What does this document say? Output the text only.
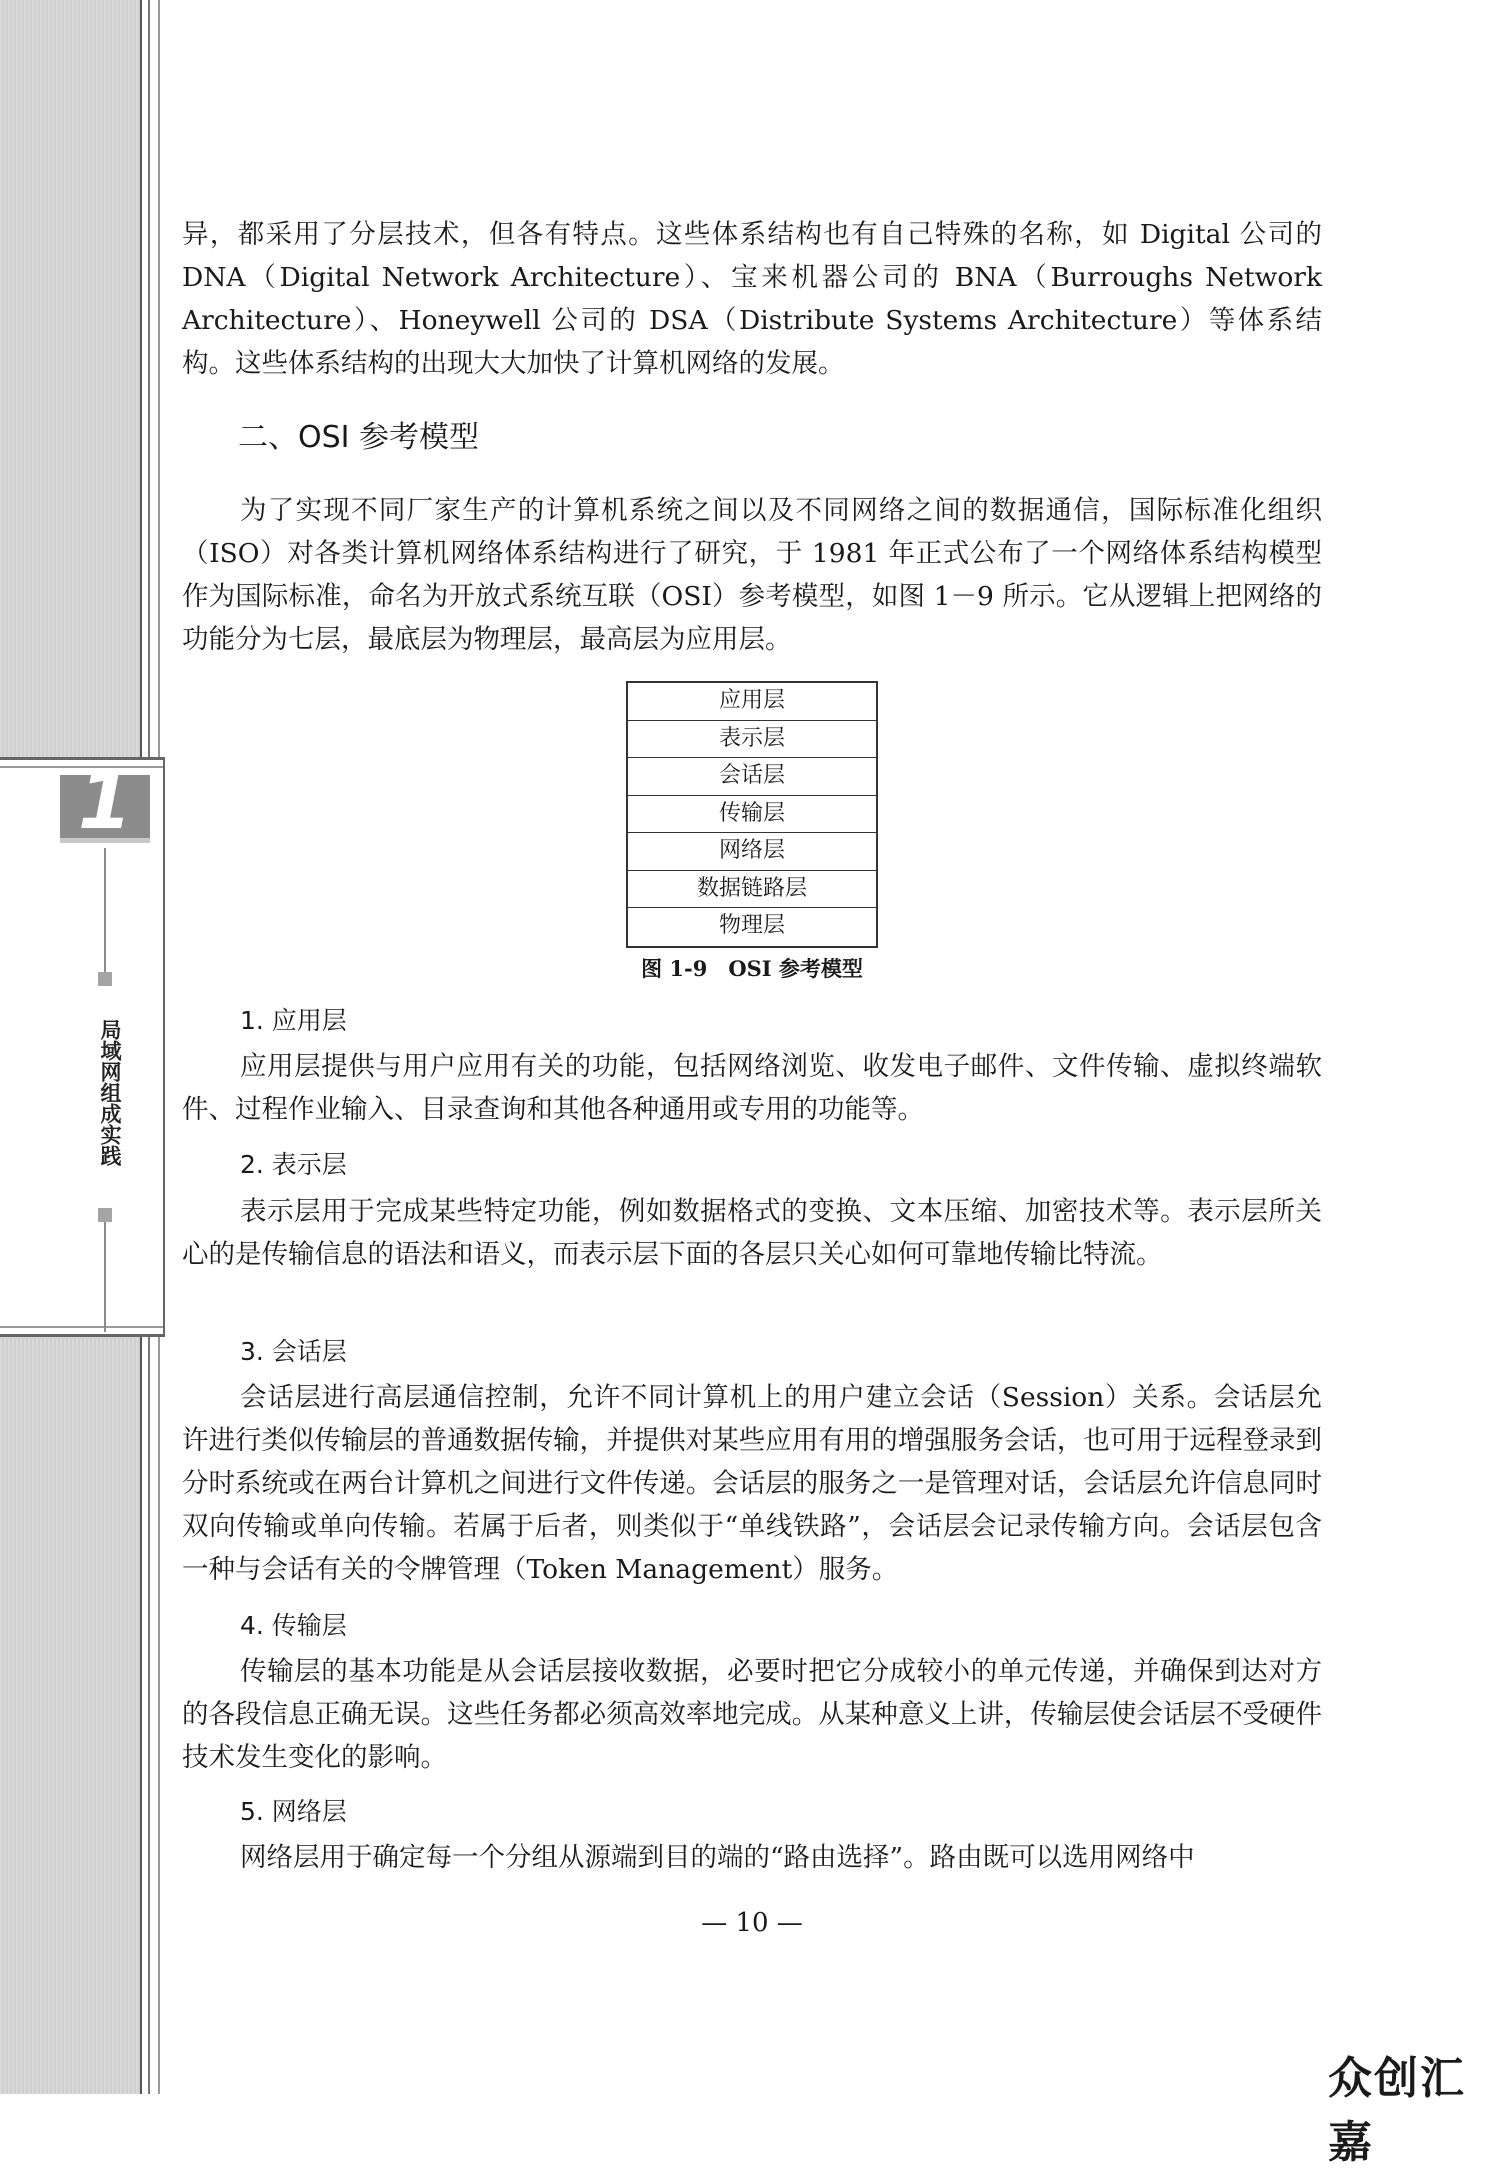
1
局域网组成实践

异，都采用了分层技术，但各有特点。这些体系结构也有自己特殊的名称，如 Digital 公司的 DNA（Digital Network Architecture）、宝来机器公司的 BNA（Burroughs Network Architecture）、Honeywell 公司的 DSA（Distribute Systems Architecture）等体系结构。这些体系结构的出现大大加快了计算机网络的发展。

二、OSI 参考模型

为了实现不同厂家生产的计算机系统之间以及不同网络之间的数据通信，国际标准化组织（ISO）对各类计算机网络体系结构进行了研究，于 1981 年正式公布了一个网络体系结构模型作为国际标准，命名为开放式系统互联（OSI）参考模型，如图 1－9 所示。它从逻辑上把网络的功能分为七层，最底层为物理层，最高层为应用层。

应用层
表示层
会话层
传输层
网络层
数据链路层
物理层
图 1-9　OSI 参考模型
1. 应用层

应用层提供与用户应用有关的功能，包括网络浏览、收发电子邮件、文件传输、虚拟终端软件、过程作业输入、目录查询和其他各种通用或专用的功能等。

2. 表示层

表示层用于完成某些特定功能，例如数据格式的变换、文本压缩、加密技术等。表示层所关心的是传输信息的语法和语义，而表示层下面的各层只关心如何可靠地传输比特流。

3. 会话层

会话层进行高层通信控制，允许不同计算机上的用户建立会话（Session）关系。会话层允许进行类似传输层的普通数据传输，并提供对某些应用有用的增强服务会话，也可用于远程登录到分时系统或在两台计算机之间进行文件传递。会话层的服务之一是管理对话，会话层允许信息同时双向传输或单向传输。若属于后者，则类似于“单线铁路”，会话层会记录传输方向。会话层包含一种与会话有关的令牌管理（Token Management）服务。

4. 传输层

传输层的基本功能是从会话层接收数据，必要时把它分成较小的单元传递，并确保到达对方的各段信息正确无误。这些任务都必须高效率地完成。从某种意义上讲，传输层使会话层不受硬件技术发生变化的影响。

5. 网络层

网络层用于确定每一个分组从源端到目的端的“路由选择”。路由既可以选用网络中

— 10 —
众创汇嘉
